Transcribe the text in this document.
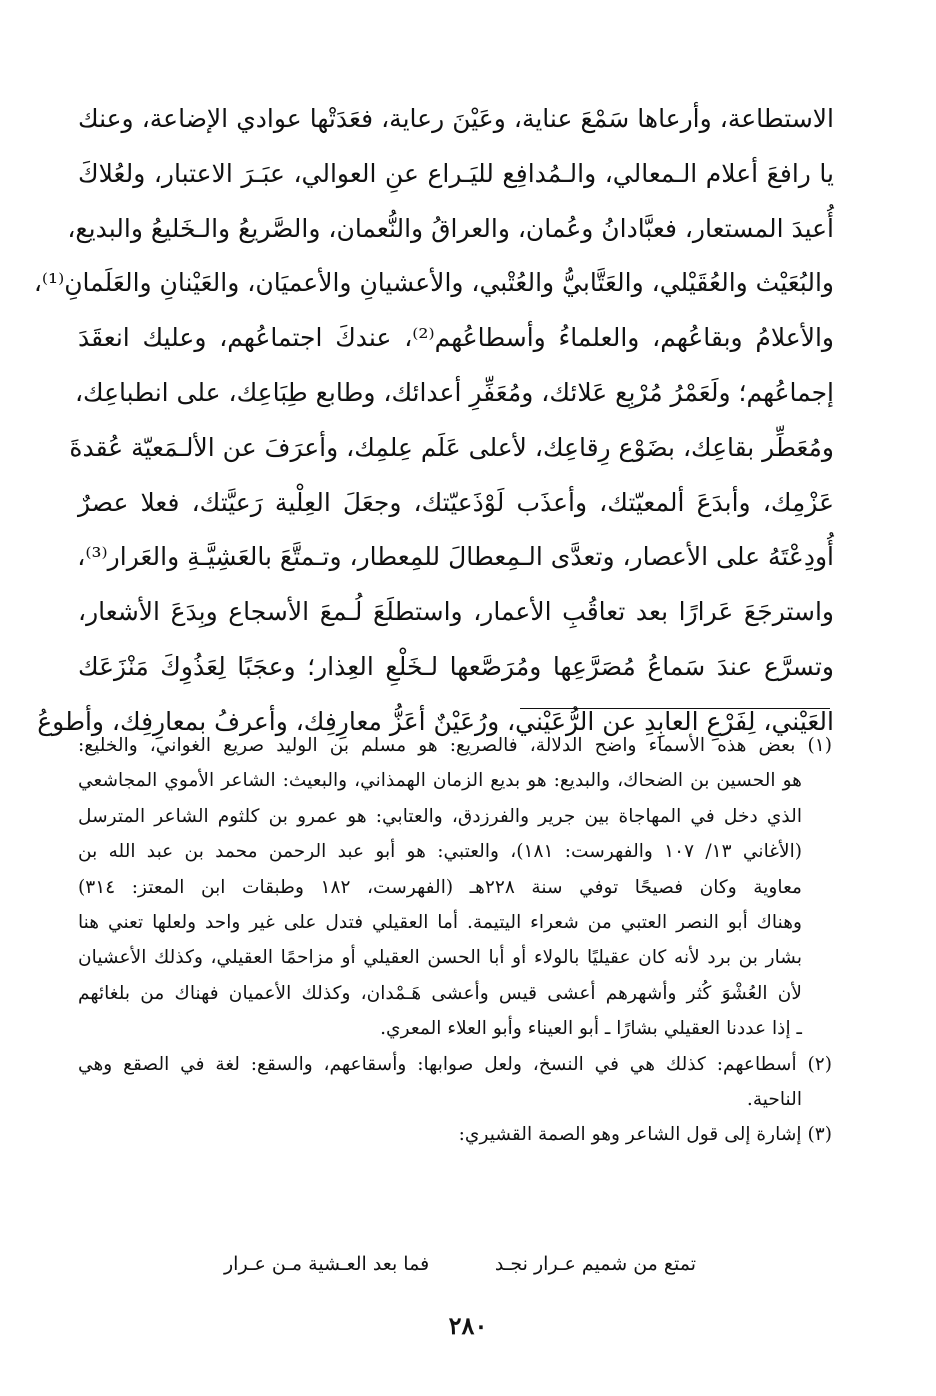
الاستطاعة، وأرعاها سَمْعَ عناية، وعَيْنَ رعاية، فعَدَتْها عوادي الإضاعة، وعنك
يا رافعَ أعلام الـمعالي، والـمُدافِع لليَـراع عنِ العوالي، عبَـرَ الاعتبار، ولعُلاكَ
أُعيدَ المستعار، فعبَّادانُ وعُمان، والعراقُ والنُّعمان، والصَّريعُ والـخَليعُ والبديع،
والبُعَيْث والعُقَيْلي، والعَتَّابيُّ والعُتْبي، والأعشيانِ والأعميَان، والعَيْنانِ والعَلَمانِ⁽¹⁾،
والأعلامُ وبقاعُهم، والعلماءُ وأسطاعُهم⁽²⁾، عندكَ اجتماعُهم، وعليك انعقَدَ
إجماعُهم؛ ولَعَمْرُ مُرْبِع عَلائك، ومُعَفِّرِ أعدائك، وطابع طِبَاعِك، على انطباعِك،
ومُعَطِّر بقاعِك، بضَوْع رِقاعِك، لأعلى عَلَم عِلمِك، وأعرَفَ عن الألـمَعيّة عُقدةَ
عَزْمِك، وأبدَعَ ألمعيّتك، وأعذَب لَوْذَعيّتك، وجعَلَ العِلْية رَعيَّتك، فعلا عصرٌ
أُودِعْتَهُ على الأعصار، وتعدَّى الـمِعطالَ للمِعطار، وتـمتَّعَ بالعَشِيَّـةِ والعَرار⁽³⁾،
واسترجَعَ عَرارًا بعد تعاقُبِ الأعمار، واستطلَعَ لُـمعَ الأسجاع وبِدَعَ الأشعار،
وتسرَّع عندَ سَماعُ مُصَرَّعِها ومُرَصَّعها لـخَلْعِ العِذار؛ وعجَبًا لِعَذُوِكَ مَنْزَعَك
العَيْني، لِفَرْعِ العابِدِ عن الرُّعَيْني، ورُعَيْنٌ أعَزُّ معارِفِك، وأعرفُ بمعارِفِك، وأطوعُ
(١) بعض هذه الأسماء واضح الدلالة، فالصريع: هو مسلم بن الوليد صريع الغواني، والخليع:
هو الحسين بن الضحاك، والبديع: هو بديع الزمان الهمذاني، والبعيث: الشاعر الأموي المجاشعي
الذي دخل في المهاجاة بين جرير والفرزدق، والعتابي: هو عمرو بن كلثوم الشاعر المترسل
(الأغاني ١٣/ ١٠٧ والفهرست: ١٨١)، والعتبي: هو أبو عبد الرحمن محمد بن عبد الله بن
معاوية وكان فصيحًا توفي سنة ٢٢٨هـ (الفهرست، ١٨٢ وطبقات ابن المعتز: ٣١٤)
وهناك أبو النصر العتبي من شعراء اليتيمة. أما العقيلي فتدل على غير واحد ولعلها تعني هنا
بشار بن برد لأنه كان عقيليًا بالولاء أو أبا الحسن العقيلي أو مزاحمًا العقيلي، وكذلك الأعشيان
لأن العُشْوَ كُثر وأشهرهم أعشى قيس وأعشى هَـمْدان، وكذلك الأعميان فهناك من بلغائهم
ـ إذا عددنا العقيلي بشارًا ـ أبو العيناء وأبو العلاء المعري.
(٢) أسطاعهم: كذلك هي في النسخ، ولعل صوابها: وأسقاعهم، والسقع: لغة في الصقع وهي
الناحية.
(٣) إشارة إلى قول الشاعر وهو الصمة القشيري:
تمتع من شميم عـرار نجـد
فما بعد العـشية مـن عـرار
٢٨٠
